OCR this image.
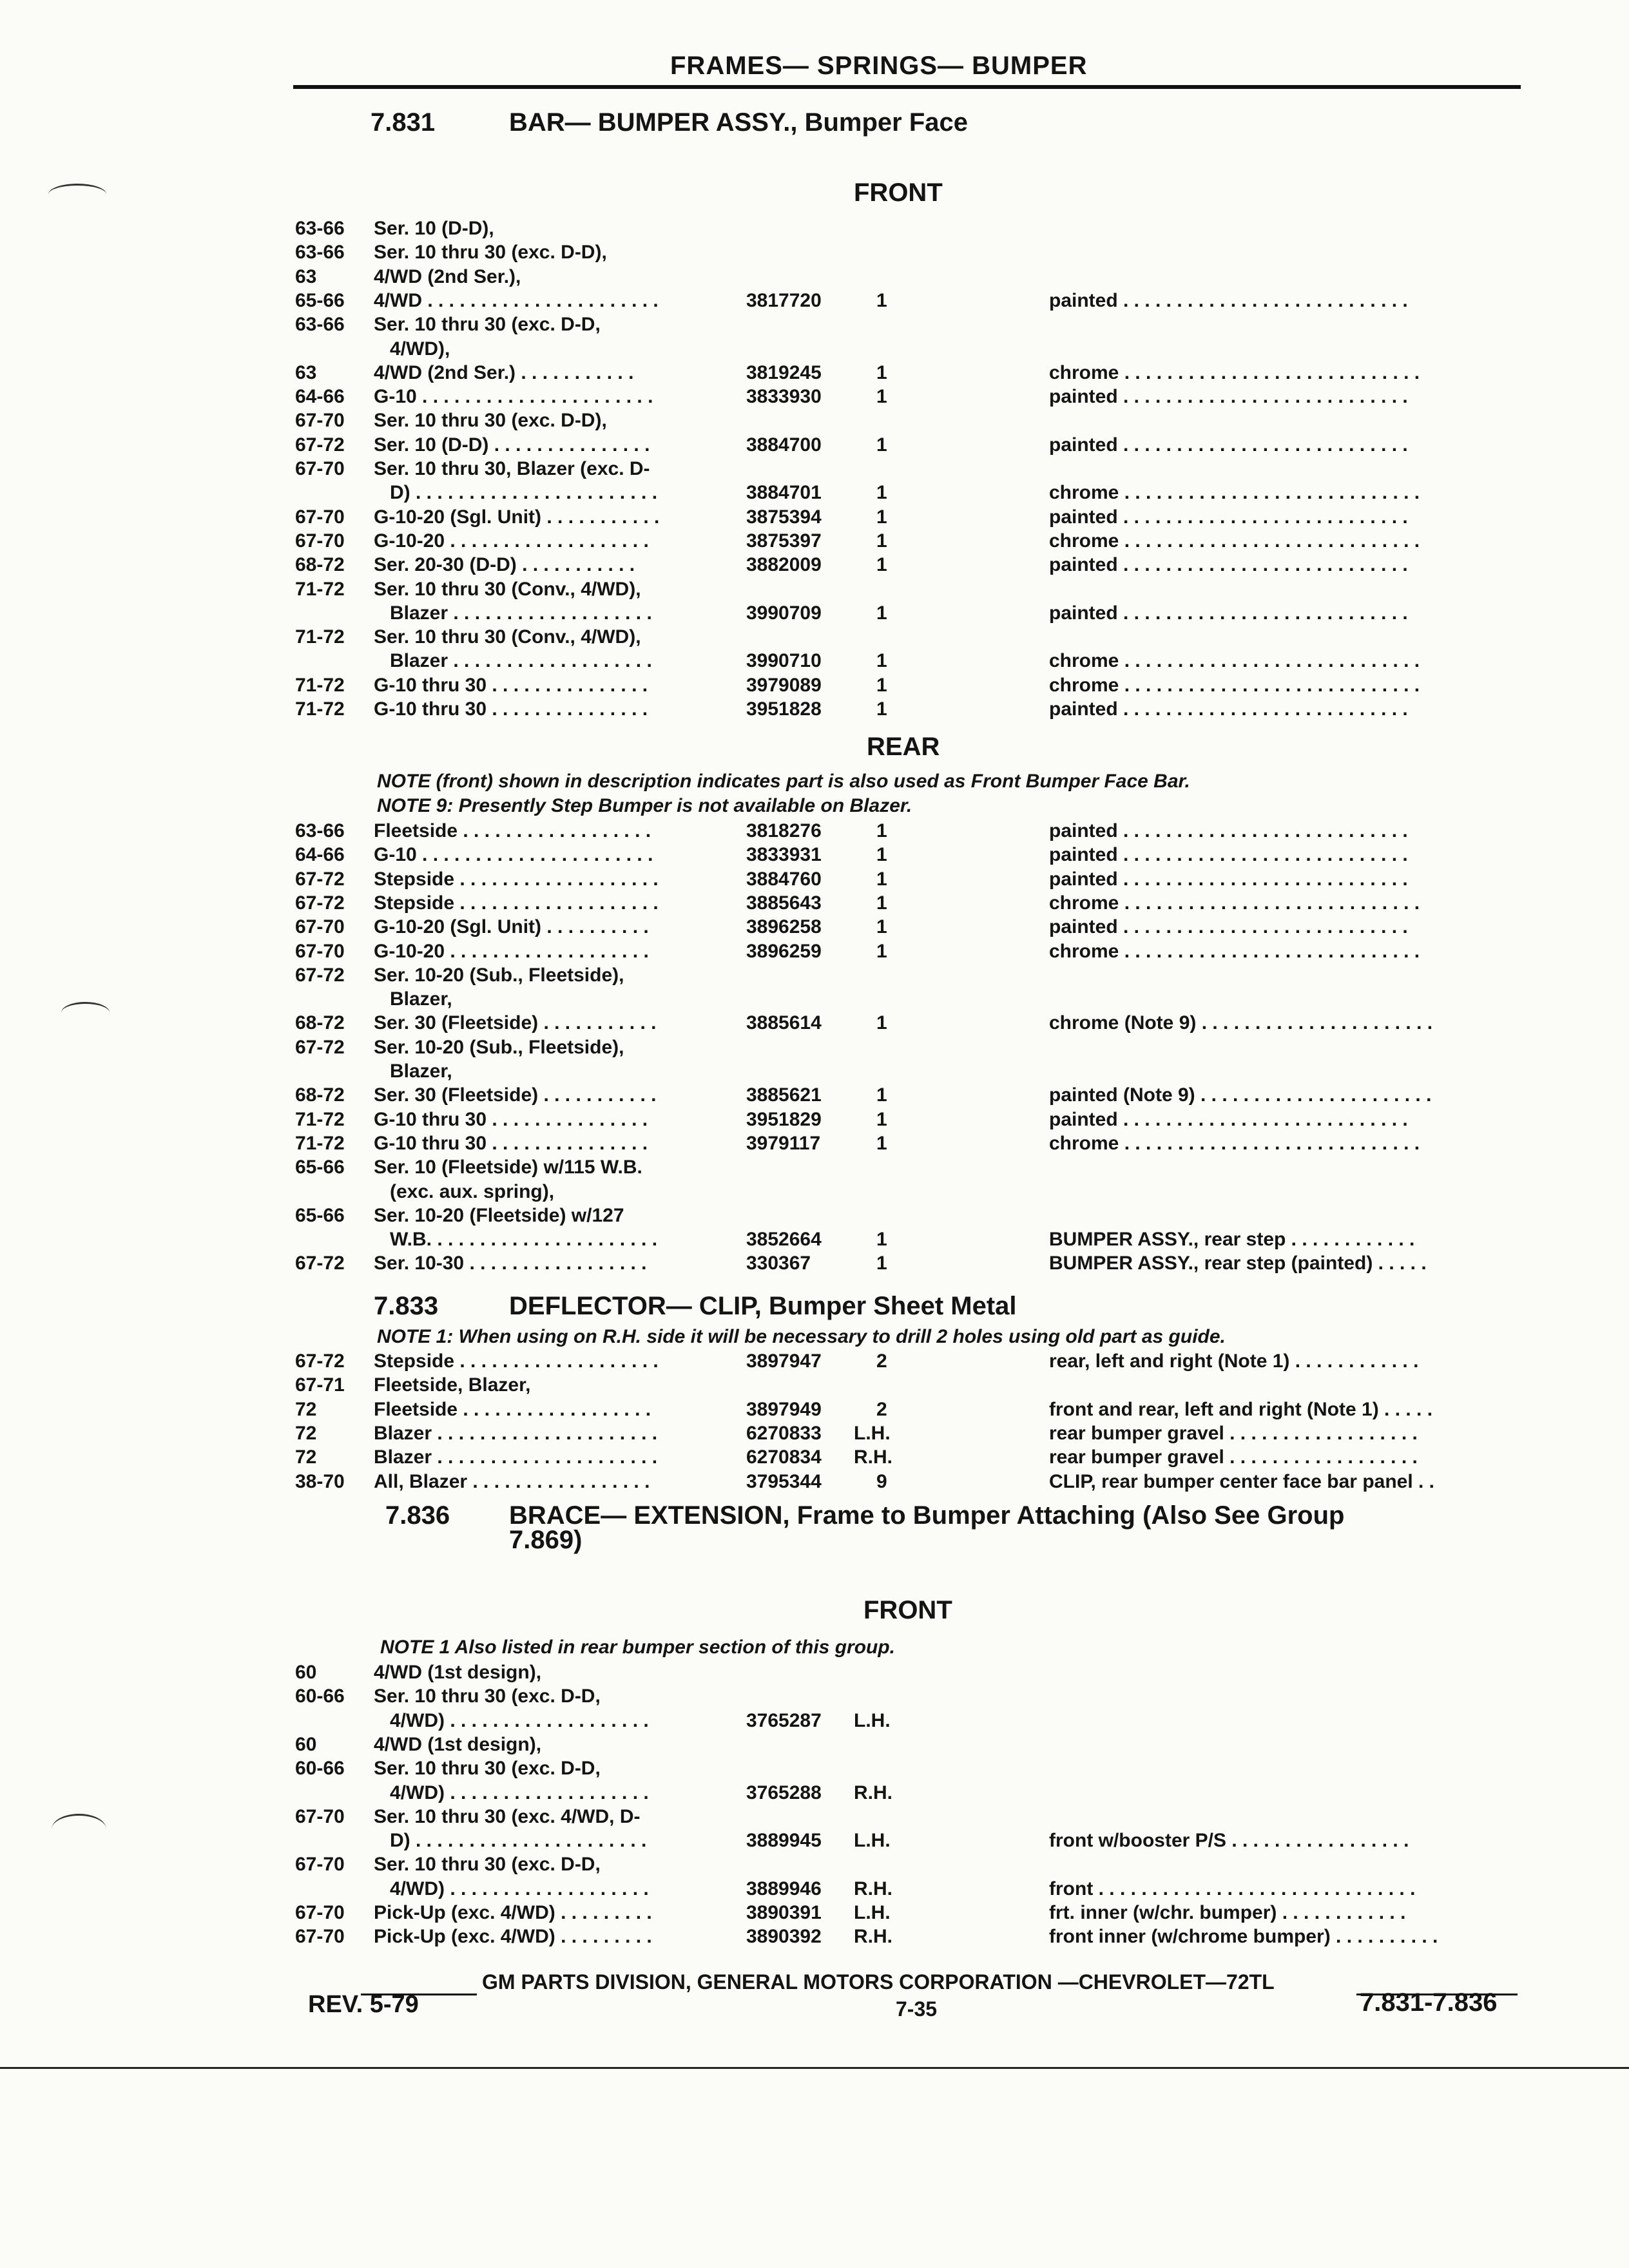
FRAMES— SPRINGS— BUMPER
7.831	BAR— BUMPER ASSY., Bumper Face
FRONT
63-66 Ser. 10 (D-D),
63-66 Ser. 10 thru 30 (exc. D-D),
63	4/WD (2nd Ser.),
65-66 4/WD . . . . . . . . . . . . . . . . . . . . . .	3817720	1	painted . . . . . . . . . . . . . . . . . . . . . . . . . . .
63-66 Ser. 10 thru 30 (exc. D-D,
4/WD),
63	4/WD (2nd Ser.) . . . . . . . . . . .	3819245	1	chrome . . . . . . . . . . . . . . . . . . . . . . . . . . . .
64-66 G-10 . . . . . . . . . . . . . . . . . . . . . .	3833930	1	painted . . . . . . . . . . . . . . . . . . . . . . . . . . .
67-70 Ser. 10 thru 30 (exc. D-D),
67-72 Ser. 10 (D-D) . . . . . . . . . . . . . . .	3884700	1	painted . . . . . . . . . . . . . . . . . . . . . . . . . . .
67-70 Ser. 10 thru 30, Blazer (exc. D-
D) . . . . . . . . . . . . . . . . . . . . . . .	3884701	1	chrome . . . . . . . . . . . . . . . . . . . . . . . . . . . .
67-70 G-10-20 (Sgl. Unit) . . . . . . . . . . .	3875394	1	painted . . . . . . . . . . . . . . . . . . . . . . . . . . .
67-70 G-10-20 . . . . . . . . . . . . . . . . . . .	3875397	1	chrome . . . . . . . . . . . . . . . . . . . . . . . . . . . .
68-72 Ser. 20-30 (D-D) . . . . . . . . . . .	3882009	1	painted . . . . . . . . . . . . . . . . . . . . . . . . . . .
71-72 Ser. 10 thru 30 (Conv., 4/WD),
Blazer . . . . . . . . . . . . . . . . . . .	3990709	1	painted . . . . . . . . . . . . . . . . . . . . . . . . . . .
71-72 Ser. 10 thru 30 (Conv., 4/WD),
Blazer . . . . . . . . . . . . . . . . . . .	3990710	1	chrome . . . . . . . . . . . . . . . . . . . . . . . . . . . .
71-72 G-10 thru 30 . . . . . . . . . . . . . . .	3979089	1	chrome . . . . . . . . . . . . . . . . . . . . . . . . . . . .
71-72 G-10 thru 30 . . . . . . . . . . . . . . .	3951828	1	painted . . . . . . . . . . . . . . . . . . . . . . . . . . .
REAR
NOTE (front) shown in description indicates part is also used as Front Bumper Face Bar.
NOTE 9: Presently Step Bumper is not available on Blazer.
63-66 Fleetside . . . . . . . . . . . . . . . . . .	3818276	1	painted . . . . . . . . . . . . . . . . . . . . . . . . . . .
64-66 G-10 . . . . . . . . . . . . . . . . . . . . . .	3833931	1	painted . . . . . . . . . . . . . . . . . . . . . . . . . . .
67-72 Stepside . . . . . . . . . . . . . . . . . . .	3884760	1	painted . . . . . . . . . . . . . . . . . . . . . . . . . . .
67-72 Stepside . . . . . . . . . . . . . . . . . . .	3885643	1	chrome . . . . . . . . . . . . . . . . . . . . . . . . . . . .
67-70 G-10-20 (Sgl. Unit) . . . . . . . . . .	3896258	1	painted . . . . . . . . . . . . . . . . . . . . . . . . . . .
67-70 G-10-20 . . . . . . . . . . . . . . . . . . .	3896259	1	chrome . . . . . . . . . . . . . . . . . . . . . . . . . . . .
67-72 Ser. 10-20 (Sub., Fleetside),
Blazer,
68-72 Ser. 30 (Fleetside) . . . . . . . . . . .	3885614	1	chrome (Note 9) . . . . . . . . . . . . . . . . . . . . . .
67-72 Ser. 10-20 (Sub., Fleetside),
Blazer,
68-72 Ser. 30 (Fleetside) . . . . . . . . . . .	3885621	1	painted (Note 9) . . . . . . . . . . . . . . . . . . . . . .
71-72 G-10 thru 30 . . . . . . . . . . . . . . .	3951829	1	painted . . . . . . . . . . . . . . . . . . . . . . . . . . .
71-72 G-10 thru 30 . . . . . . . . . . . . . . .	3979117	1	chrome . . . . . . . . . . . . . . . . . . . . . . . . . . . .
65-66 Ser. 10 (Fleetside) w/115 W.B.
(exc. aux. spring),
65-66 Ser. 10-20 (Fleetside) w/127
W.B. . . . . . . . . . . . . . . . . . . . . .	3852664	1	BUMPER ASSY., rear step . . . . . . . . . . . .
67-72 Ser. 10-30 . . . . . . . . . . . . . . . . .	330367	1	BUMPER ASSY., rear step (painted) . . . . .
7.833	DEFLECTOR— CLIP, Bumper Sheet Metal
NOTE 1: When using on R.H. side it will be necessary to drill 2 holes using old part as guide.
67-72 Stepside . . . . . . . . . . . . . . . . . . .	3897947	2	rear, left and right (Note 1) . . . . . . . . . . . .
67-71 Fleetside, Blazer,
72	Fleetside . . . . . . . . . . . . . . . . . .	3897949	2	front and rear, left and right (Note 1) . . . . .
72	Blazer . . . . . . . . . . . . . . . . . . . . .	6270833 L.H.	rear bumper gravel . . . . . . . . . . . . . . . . . .
72	Blazer . . . . . . . . . . . . . . . . . . . . .	6270834 R.H.	rear bumper gravel . . . . . . . . . . . . . . . . . .
38-70 All, Blazer . . . . . . . . . . . . . . . . .	3795344	9	CLIP, rear bumper center face bar panel . .
7.836 BRACE— EXTENSION, Frame to Bumper Attaching (Also See Group
7.869)
FRONT
NOTE 1 Also listed in rear bumper section of this group.
60	4/WD (1st design),
60-66 Ser. 10 thru 30 (exc. D-D,
4/WD) . . . . . . . . . . . . . . . . . . .	3765287 L.H.
60	4/WD (1st design),
60-66 Ser. 10 thru 30 (exc. D-D,
4/WD) . . . . . . . . . . . . . . . . . . .	3765288 R.H.
67-70 Ser. 10 thru 30 (exc. 4/WD, D-
D) . . . . . . . . . . . . . . . . . . . . . .	3889945 L.H.	front w/booster P/S . . . . . . . . . . . . . . . . .
67-70 Ser. 10 thru 30 (exc. D-D,
4/WD) . . . . . . . . . . . . . . . . . . .	3889946 R.H.	front . . . . . . . . . . . . . . . . . . . . . . . . . . . . . .
67-70 Pick-Up (exc. 4/WD) . . . . . . . . .	3890391 L.H.	frt. inner (w/chr. bumper) . . . . . . . . . . . .
67-70 Pick-Up (exc. 4/WD) . . . . . . . . .	3890392 R.H.	front inner (w/chrome bumper) . . . . . . . . . .
GM PARTS DIVISION, GENERAL MOTORS CORPORATION —CHEVROLET—72TL
REV. 5-79	7-35	7.831-7.836
